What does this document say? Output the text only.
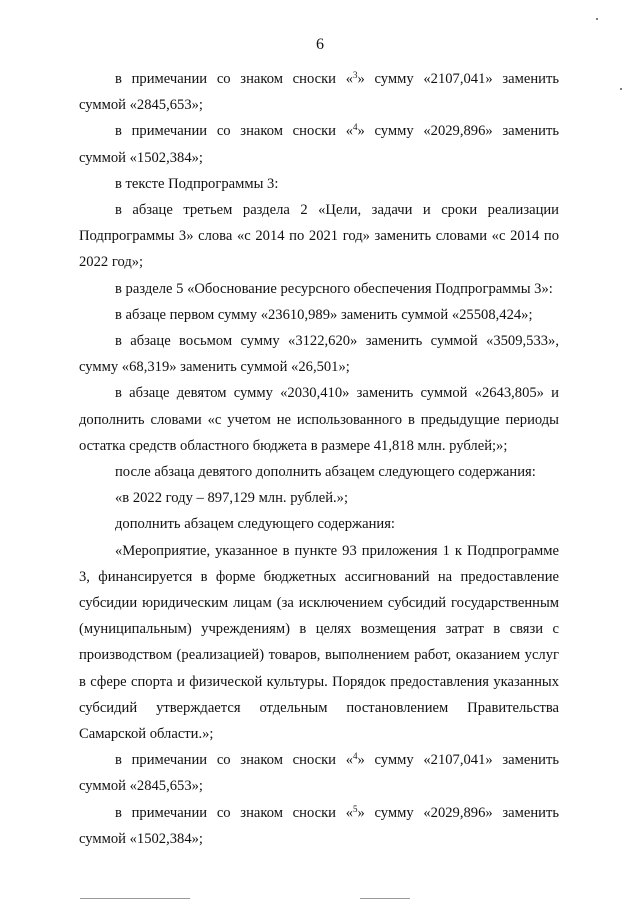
6

в примечании со знаком сноски «$^3$» сумму «2107,041» заменить суммой «2845,653»;

в примечании со знаком сноски «$^4$» сумму «2029,896» заменить суммой «1502,384»;

в тексте Подпрограммы 3:

в абзаце третьем раздела 2 «Цели, задачи и сроки реализации Подпрограммы 3» слова «с 2014 по 2021 год» заменить словами «с 2014 по 2022 год»;

в разделе 5 «Обоснование ресурсного обеспечения Подпрограммы 3»:

в абзаце первом сумму «23610,989» заменить суммой «25508,424»;

в абзаце восьмом сумму «3122,620» заменить суммой «3509,533», сумму «68,319» заменить суммой «26,501»;

в абзаце девятом сумму «2030,410» заменить суммой «2643,805» и дополнить словами «с учетом не использованного в предыдущие периоды остатка средств областного бюджета в размере 41,818 млн. рублей;»;

после абзаца девятого дополнить абзацем следующего содержания:

«в 2022 году – 897,129 млн. рублей.»;

дополнить абзацем следующего содержания:

«Мероприятие, указанное в пункте 93 приложения 1 к Подпрограмме 3, финансируется в форме бюджетных ассигнований на предоставление субсидии юридическим лицам (за исключением субсидий государственным (муниципальным) учреждениям) в целях возмещения затрат в связи с производством (реализацией) товаров, выполнением работ, оказанием услуг в сфере спорта и физической культуры. Порядок предоставления указанных субсидий утверждается отдельным постановлением Правительства Самарской области.»;

в примечании со знаком сноски «$^4$» сумму «2107,041» заменить суммой «2845,653»;

в примечании со знаком сноски «$^5$» сумму «2029,896» заменить суммой «1502,384»;
